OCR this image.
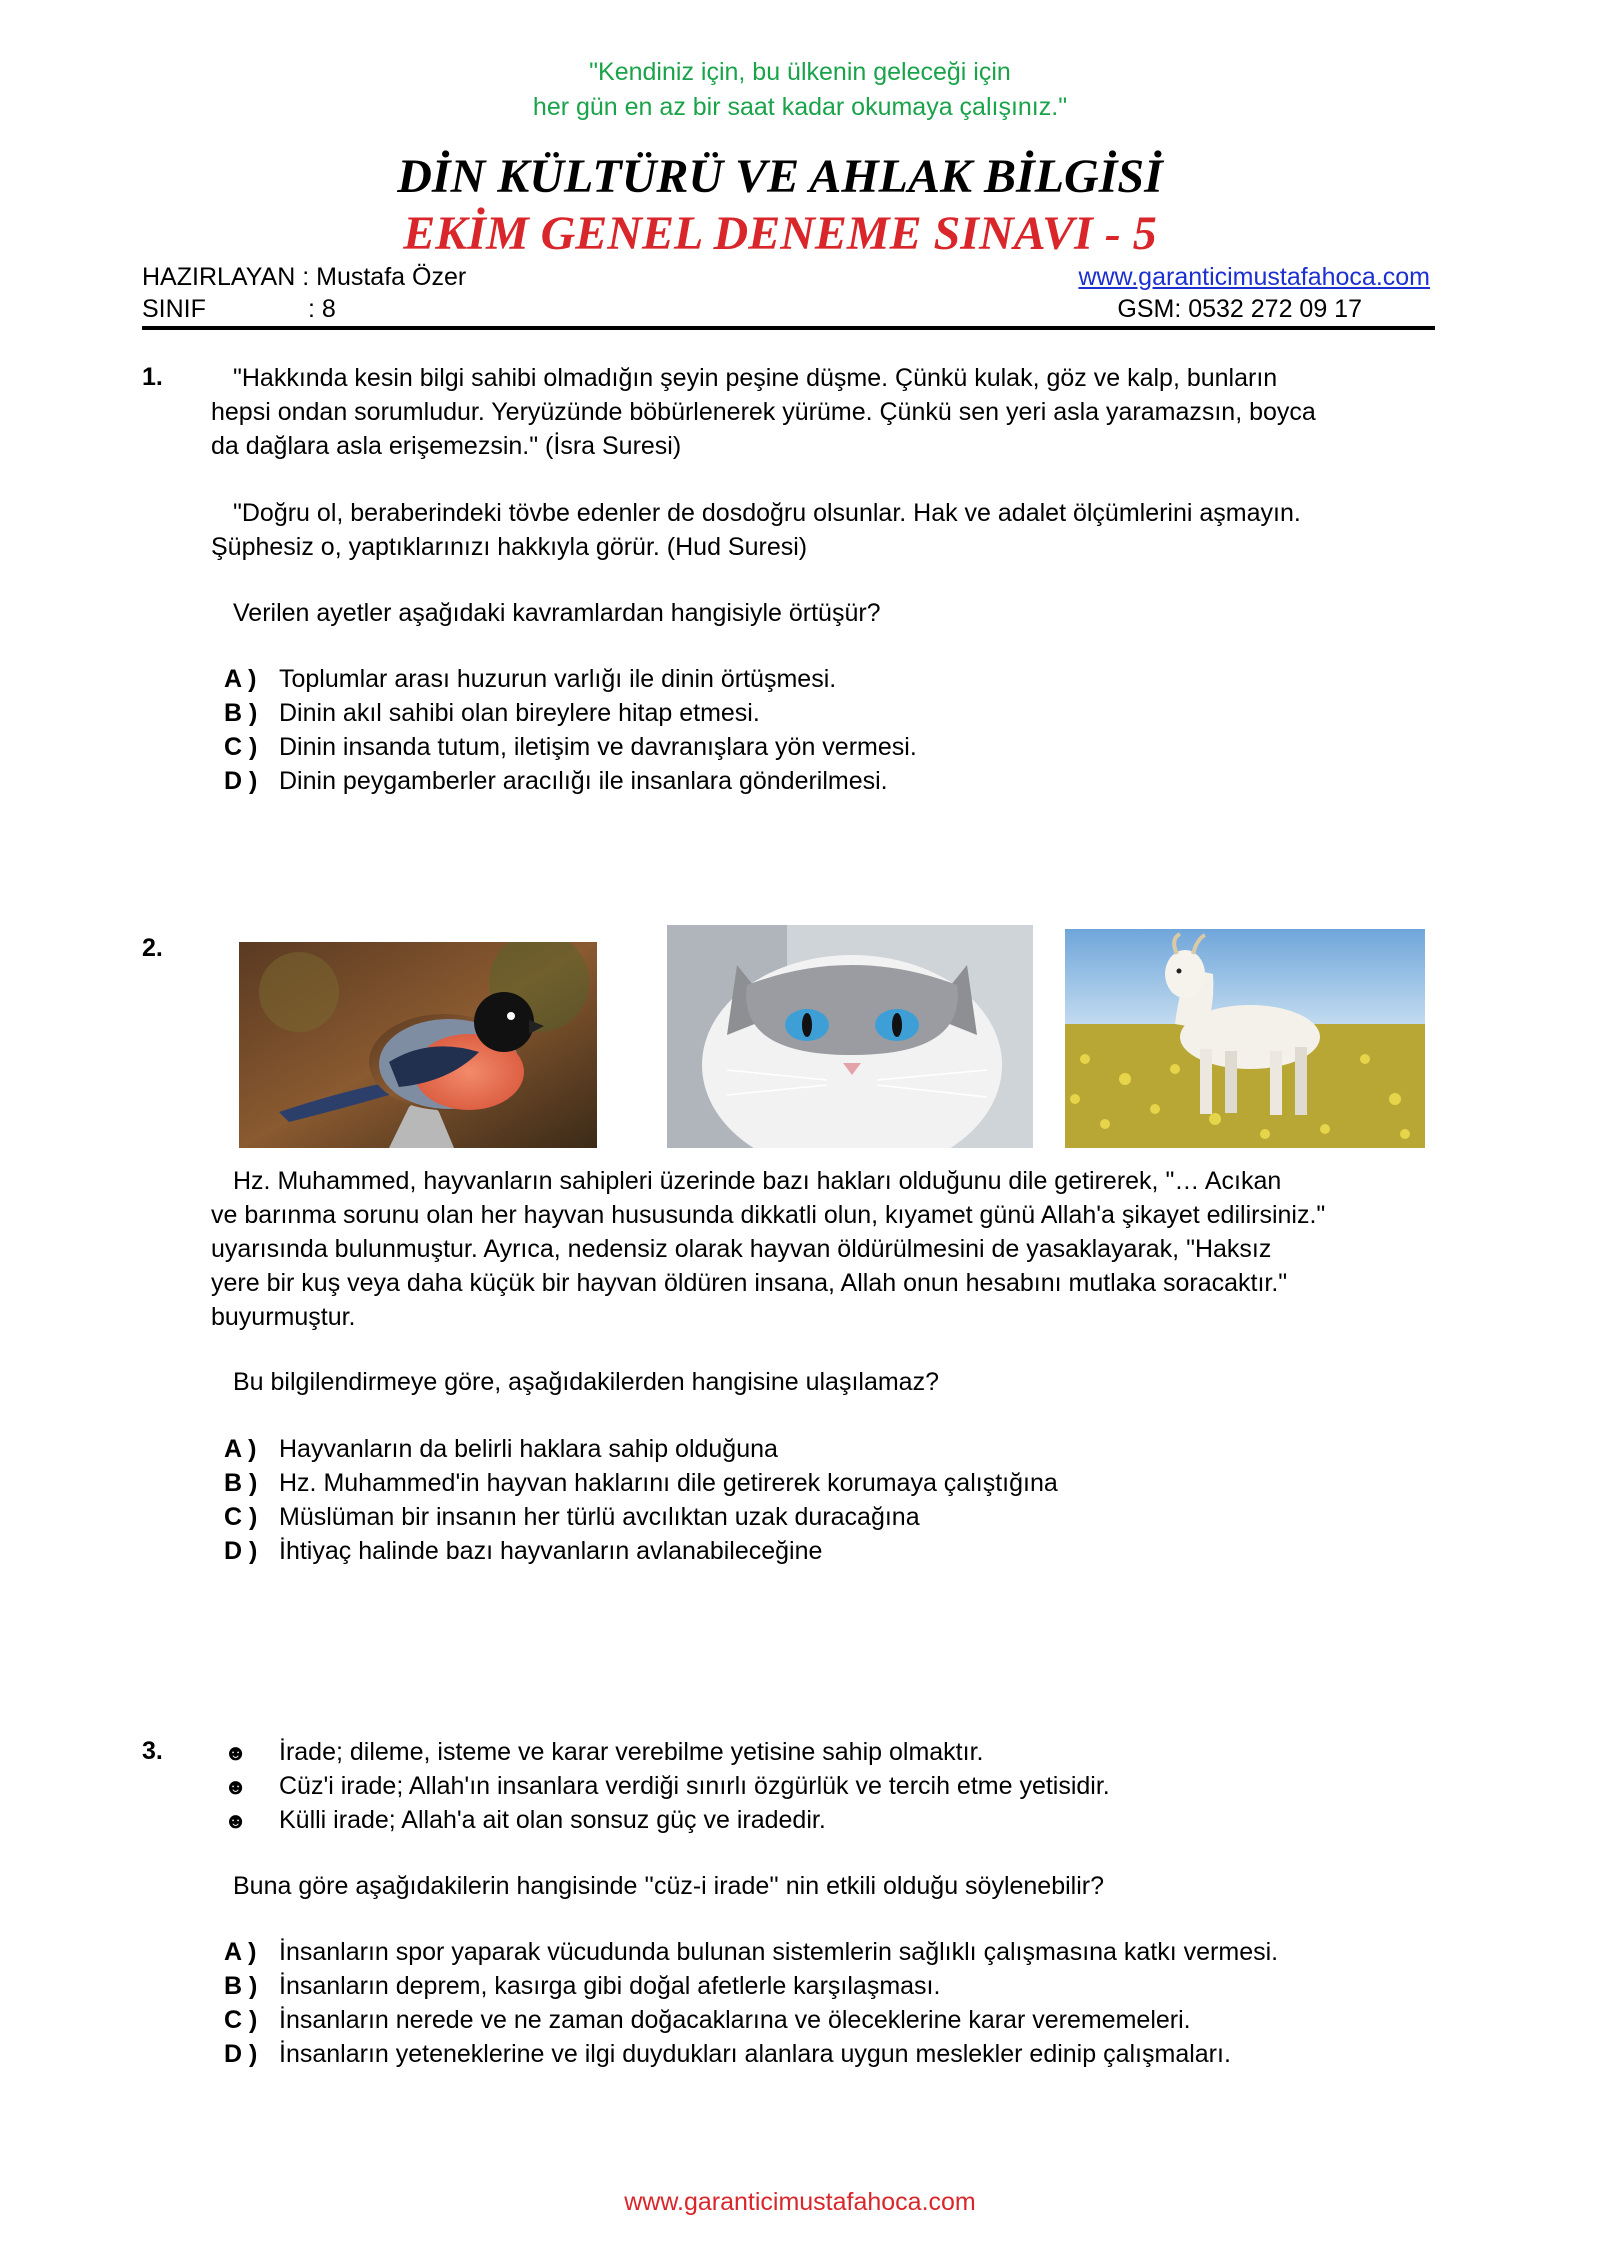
"Kendiniz için, bu ülkenin geleceği için
her gün en az bir saat kadar okumaya çalışınız."
DİN KÜLTÜRÜ VE AHLAK BİLGİSİ
EKİM GENEL DENEME SINAVI - 5
HAZIRLAYAN : Mustafa Özer	www.garanticimustafahoca.com
SINIF	: 8	GSM: 0532 272 09 17
1.	"Hakkında kesin bilgi sahibi olmadığın şeyin peşine düşme. Çünkü kulak, göz ve kalp, bunların
hepsi ondan sorumludur. Yeryüzünde böbürlenerek yürüme. Çünkü sen yeri asla yaramazsın, boyca
da dağlara asla erişemezsin." (İsra Suresi)
"Doğru ol, beraberindeki tövbe edenler de dosdoğru olsunlar. Hak ve adalet ölçümlerini aşmayın.
Şüphesiz o, yaptıklarınızı hakkıyla görür. (Hud Suresi)
Verilen ayetler aşağıdaki kavramlardan hangisiyle örtüşür?
A ) Toplumlar arası huzurun varlığı ile dinin örtüşmesi.
B ) Dinin akıl sahibi olan bireylere hitap etmesi.
C ) Dinin insanda tutum, iletişim ve davranışlara yön vermesi.
D ) Dinin peygamberler aracılığı ile insanlara gönderilmesi.
2.
Hz. Muhammed, hayvanların sahipleri üzerinde bazı hakları olduğunu dile getirerek, "… Acıkan
ve barınma sorunu olan her hayvan hususunda dikkatli olun, kıyamet günü Allah'a şikayet edilirsiniz."
uyarısında bulunmuştur. Ayrıca, nedensiz olarak hayvan öldürülmesini de yasaklayarak, "Haksız
yere bir kuş veya daha küçük bir hayvan öldüren insana, Allah onun hesabını mutlaka soracaktır."
buyurmuştur.
Bu bilgilendirmeye göre, aşağıdakilerden hangisine ulaşılamaz?
A ) Hayvanların da belirli haklara sahip olduğuna
B ) Hz. Muhammed'in hayvan haklarını dile getirerek korumaya çalıştığına
C ) Müslüman bir insanın her türlü avcılıktan uzak duracağına
D ) İhtiyaç halinde bazı hayvanların avlanabileceğine
3.	☻ İrade; dileme, isteme ve karar verebilme yetisine sahip olmaktır.
☻ Cüz'i irade; Allah'ın insanlara verdiği sınırlı özgürlük ve tercih etme yetisidir.
☻ Külli irade; Allah'a ait olan sonsuz güç ve iradedir.
Buna göre aşağıdakilerin hangisinde ''cüz-i irade'' nin etkili olduğu söylenebilir?
A ) İnsanların spor yaparak vücudunda bulunan sistemlerin sağlıklı çalışmasına katkı vermesi.
B ) İnsanların deprem, kasırga gibi doğal afetlerle karşılaşması.
C ) İnsanların nerede ve ne zaman doğacaklarına ve öleceklerine karar verememeleri.
D ) İnsanların yeteneklerine ve ilgi duydukları alanlara uygun meslekler edinip çalışmaları.
www.garanticimustafahoca.com
